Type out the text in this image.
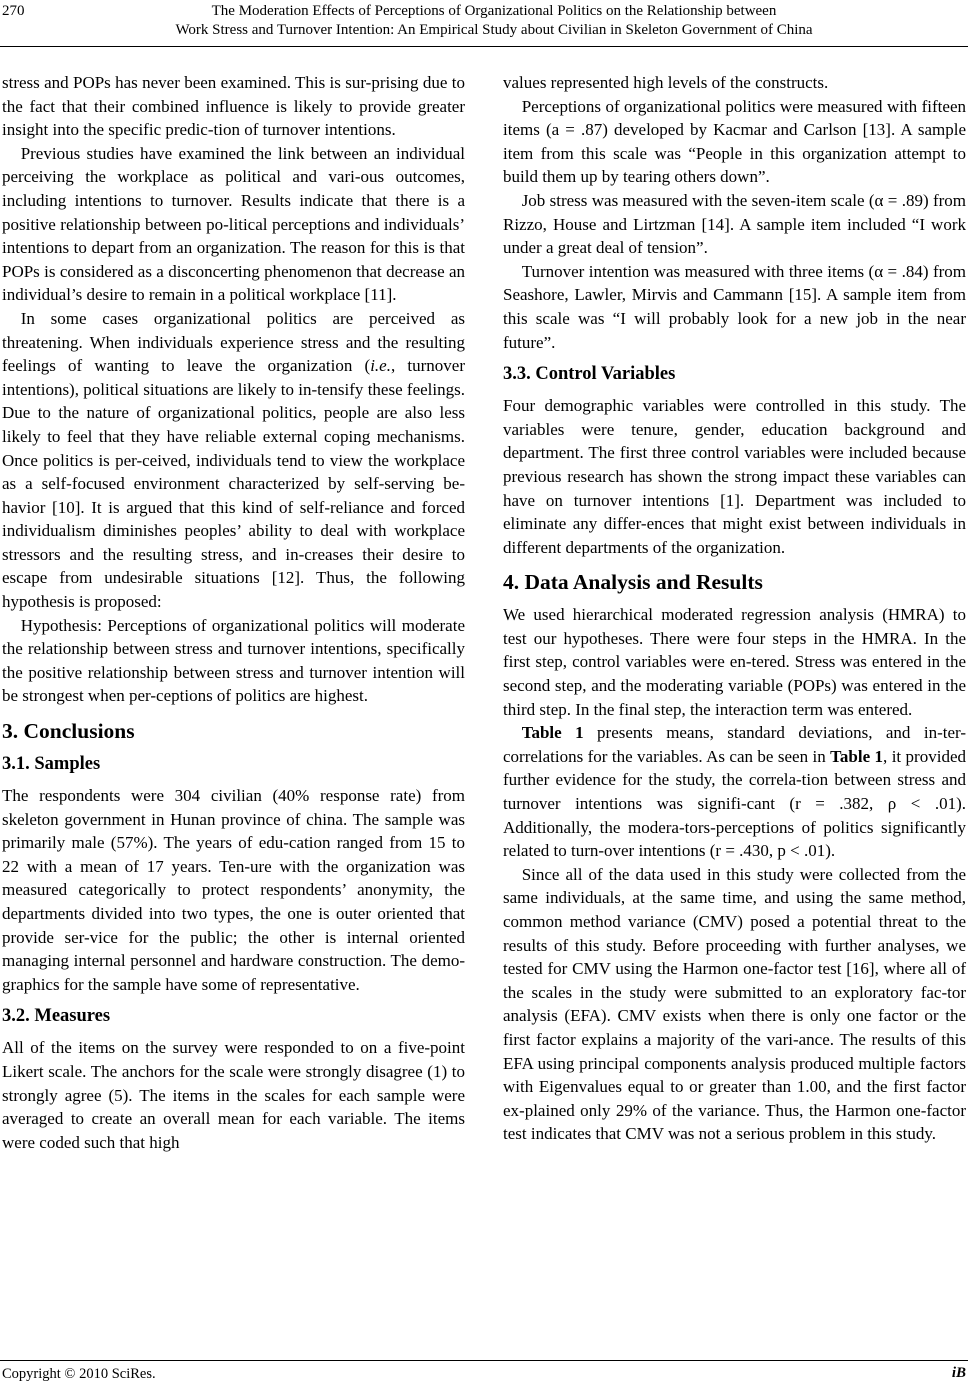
270	The Moderation Effects of Perceptions of Organizational Politics on the Relationship between
Work Stress and Turnover Intention: An Empirical Study about Civilian in Skeleton Government of China

stress and POPs has never been examined. This is sur-prising due to the fact that their combined influence is likely to provide greater insight into the specific predic-tion of turnover intentions.

Previous studies have examined the link between an individual perceiving the workplace as political and vari-ous outcomes, including intentions to turnover. Results indicate that there is a positive relationship between po-litical perceptions and individuals’ intentions to depart from an organization. The reason for this is that POPs is considered as a disconcerting phenomenon that decrease an individual’s desire to remain in a political workplace [11].

In some cases organizational politics are perceived as threatening. When individuals experience stress and the resulting feelings of wanting to leave the organization (i.e., turnover intentions), political situations are likely to in-tensify these feelings. Due to the nature of organizational politics, people are also less likely to feel that they have reliable external coping mechanisms. Once politics is per-ceived, individuals tend to view the workplace as a self-focused environment characterized by self-serving be-havior [10]. It is argued that this kind of self-reliance and forced individualism diminishes peoples’ ability to deal with workplace stressors and the resulting stress, and in-creases their desire to escape from undesirable situations [12]. Thus, the following hypothesis is proposed:

Hypothesis: Perceptions of organizational politics will moderate the relationship between stress and turnover intentions, specifically the positive relationship between stress and turnover intention will be strongest when per-ceptions of politics are highest.

3. Conclusions
3.1. Samples

The respondents were 304 civilian (40% response rate) from skeleton government in Hunan province of china. The sample was primarily male (57%). The years of edu-cation ranged from 15 to 22 with a mean of 17 years. Ten-ure with the organization was measured categorically to protect respondents’ anonymity, the departments divided into two types, the one is outer oriented that provide ser-vice for the public; the other is internal oriented managing internal personnel and hardware construction. The demo-graphics for the sample have some of representative.

3.2. Measures

All of the items on the survey were responded to on a five-point Likert scale. The anchors for the scale were strongly disagree (1) to strongly agree (5). The items in the scales for each sample were averaged to create an overall mean for each variable. The items were coded such that high

values represented high levels of the constructs.

Perceptions of organizational politics were measured with fifteen items (a = .87) developed by Kacmar and Carlson [13]. A sample item from this scale was “People in this organization attempt to build them up by tearing others down”.

Job stress was measured with the seven-item scale (α = .89) from Rizzo, House and Lirtzman [14]. A sample item included “I work under a great deal of tension”.

Turnover intention was measured with three items (α = .84) from Seashore, Lawler, Mirvis and Cammann [15]. A sample item from this scale was “I will probably look for a new job in the near future”.

3.3. Control Variables

Four demographic variables were controlled in this study. The variables were tenure, gender, education background and department. The first three control variables were included because previous research has shown the strong impact these variables can have on turnover intentions [1]. Department was included to eliminate any differ-ences that might exist between individuals in different departments of the organization.

4. Data Analysis and Results

We used hierarchical moderated regression analysis (HMRA) to test our hypotheses. There were four steps in the HMRA. In the first step, control variables were en-tered. Stress was entered in the second step, and the moderating variable (POPs) was entered in the third step. In the final step, the interaction term was entered.

Table 1 presents means, standard deviations, and in-ter-correlations for the variables. As can be seen in Table 1, it provided further evidence for the study, the correla-tion between stress and turnover intentions was signifi-cant (r = .382, ρ < .01). Additionally, the modera-tors-perceptions of politics significantly related to turn-over intentions (r = .430, p < .01).

Since all of the data used in this study were collected from the same individuals, at the same time, and using the same method, common method variance (CMV) posed a potential threat to the results of this study. Before proceeding with further analyses, we tested for CMV using the Harmon one-factor test [16], where all of the scales in the study were submitted to an exploratory fac-tor analysis (EFA). CMV exists when there is only one factor or the first factor explains a majority of the vari-ance. The results of this EFA using principal components analysis produced multiple factors with Eigenvalues equal to or greater than 1.00, and the first factor ex-plained only 29% of the variance. Thus, the Harmon one-factor test indicates that CMV was not a serious problem in this study.

Copyright © 2010 SciRes.	iB
